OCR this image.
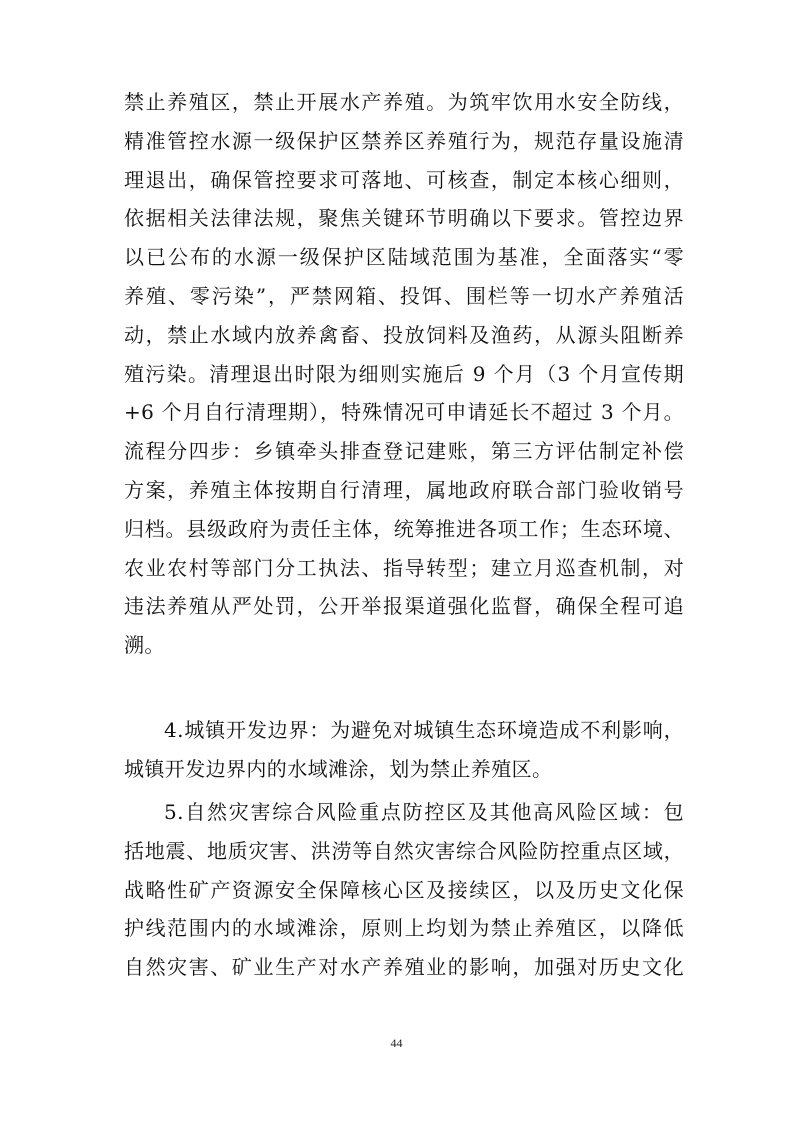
禁止养殖区，禁止开展水产养殖。为筑牢饮用水安全防线，
精准管控水源一级保护区禁养区养殖行为，规范存量设施清
理退出，确保管控要求可落地、可核查，制定本核心细则，
依据相关法律法规，聚焦关键环节明确以下要求。管控边界
以已公布的水源一级保护区陆域范围为基准，全面落实“零
养殖、零污染”，严禁网箱、投饵、围栏等一切水产养殖活
动，禁止水域内放养禽畜、投放饲料及渔药，从源头阻断养
殖污染。清理退出时限为细则实施后 9 个月（3 个月宣传期
+6 个月自行清理期），特殊情况可申请延长不超过 3 个月。
流程分四步：乡镇牵头排查登记建账，第三方评估制定补偿
方案，养殖主体按期自行清理，属地政府联合部门验收销号
归档。县级政府为责任主体，统筹推进各项工作；生态环境、
农业农村等部门分工执法、指导转型；建立月巡查机制，对
违法养殖从严处罚，公开举报渠道强化监督，确保全程可追
溯。
4.城镇开发边界：为避免对城镇生态环境造成不利影响，
城镇开发边界内的水域滩涂，划为禁止养殖区。
5.自然灾害综合风险重点防控区及其他高风险区域：包
括地震、地质灾害、洪涝等自然灾害综合风险防控重点区域，
战略性矿产资源安全保障核心区及接续区，以及历史文化保
护线范围内的水域滩涂，原则上均划为禁止养殖区，以降低
自然灾害、矿业生产对水产养殖业的影响，加强对历史文化
44
